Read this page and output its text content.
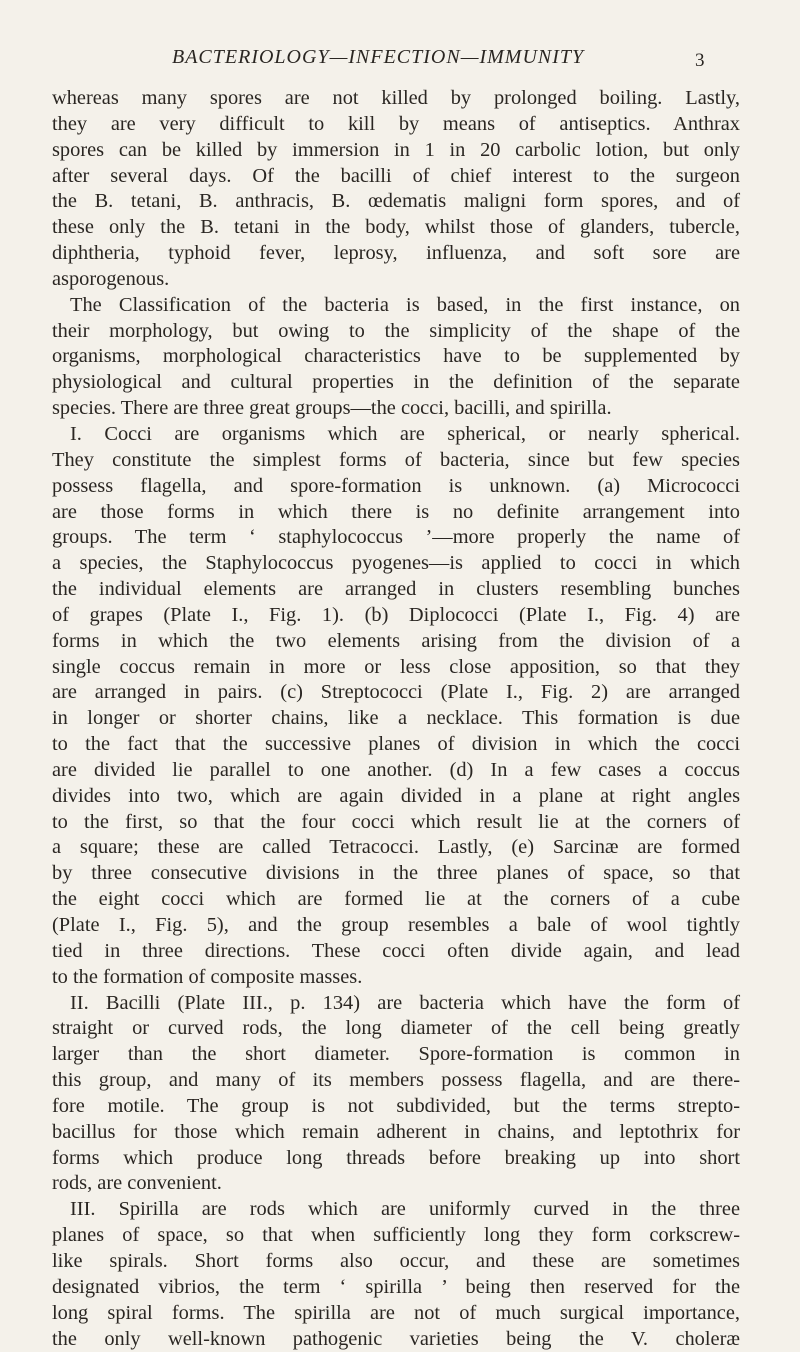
BACTERIOLOGY—INFECTION—IMMUNITY	3
whereas many spores are not killed by prolonged boiling. Lastly,
they are very difficult to kill by means of antiseptics. Anthrax
spores can be killed by immersion in 1 in 20 carbolic lotion, but only
after several days. Of the bacilli of chief interest to the surgeon
the B. tetani, B. anthracis, B. œdematis maligni form spores, and of
these only the B. tetani in the body, whilst those of glanders, tubercle,
diphtheria, typhoid fever, leprosy, influenza, and soft sore are
asporogenous.
The Classification of the bacteria is based, in the first instance, on
their morphology, but owing to the simplicity of the shape of the
organisms, morphological characteristics have to be supplemented by
physiological and cultural properties in the definition of the separate
species. There are three great groups—the cocci, bacilli, and spirilla.
I. Cocci are organisms which are spherical, or nearly spherical.
They constitute the simplest forms of bacteria, since but few species
possess flagella, and spore-formation is unknown. (a) Micrococci
are those forms in which there is no definite arrangement into
groups. The term ‘ staphylococcus ’—more properly the name of
a species, the Staphylococcus pyogenes—is applied to cocci in which
the individual elements are arranged in clusters resembling bunches
of grapes (Plate I., Fig. 1). (b) Diplococci (Plate I., Fig. 4) are
forms in which the two elements arising from the division of a
single coccus remain in more or less close apposition, so that they
are arranged in pairs. (c) Streptococci (Plate I., Fig. 2) are arranged
in longer or shorter chains, like a necklace. This formation is due
to the fact that the successive planes of division in which the cocci
are divided lie parallel to one another. (d) In a few cases a coccus
divides into two, which are again divided in a plane at right angles
to the first, so that the four cocci which result lie at the corners of
a square; these are called Tetracocci. Lastly, (e) Sarcinæ are formed
by three consecutive divisions in the three planes of space, so that
the eight cocci which are formed lie at the corners of a cube
(Plate I., Fig. 5), and the group resembles a bale of wool tightly
tied in three directions. These cocci often divide again, and lead
to the formation of composite masses.
II. Bacilli (Plate III., p. 134) are bacteria which have the form of
straight or curved rods, the long diameter of the cell being greatly
larger than the short diameter. Spore-formation is common in
this group, and many of its members possess flagella, and are there-
fore motile. The group is not subdivided, but the terms strepto-
bacillus for those which remain adherent in chains, and leptothrix for
forms which produce long threads before breaking up into short
rods, are convenient.
III. Spirilla are rods which are uniformly curved in the three
planes of space, so that when sufficiently long they form corkscrew-
like spirals. Short forms also occur, and these are sometimes
designated vibrios, the term ‘ spirilla ’ being then reserved for the
long spiral forms. The spirilla are not of much surgical importance,
the only well-known pathogenic varieties being the V. choleræ
